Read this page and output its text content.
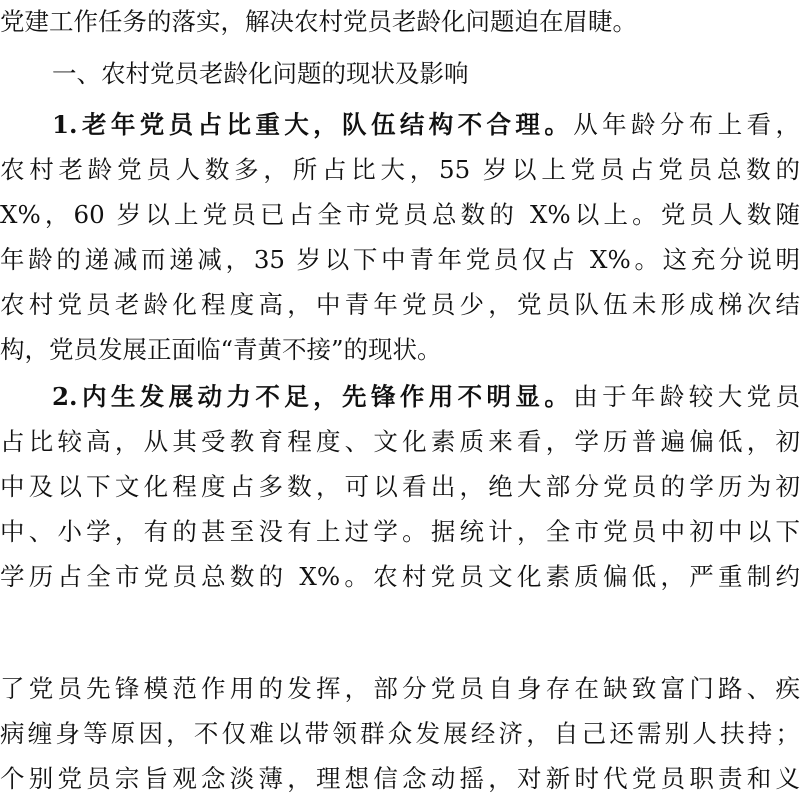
党建工作任务的落实，解决农村党员老龄化问题迫在眉睫。
一、农村党员老龄化问题的现状及影响
1.老年党员占比重大，队伍结构不合理。从年龄分布上看，
农村老龄党员人数多，所占比大，55 岁以上党员占党员总数的
X%，60 岁以上党员已占全市党员总数的 X%以上。党员人数随
年龄的递减而递减，35 岁以下中青年党员仅占 X%。这充分说明
农村党员老龄化程度高，中青年党员少，党员队伍未形成梯次结
构，党员发展正面临“青黄不接”的现状。
2.内生发展动力不足，先锋作用不明显。由于年龄较大党员
占比较高，从其受教育程度、文化素质来看，学历普遍偏低，初
中及以下文化程度占多数，可以看出，绝大部分党员的学历为初
中、小学，有的甚至没有上过学。据统计，全市党员中初中以下
学历占全市党员总数的 X%。农村党员文化素质偏低，严重制约
了党员先锋模范作用的发挥，部分党员自身存在缺致富门路、疾
病缠身等原因，不仅难以带领群众发展经济，自己还需别人扶持；
个别党员宗旨观念淡薄，理想信念动摇，对新时代党员职责和义
